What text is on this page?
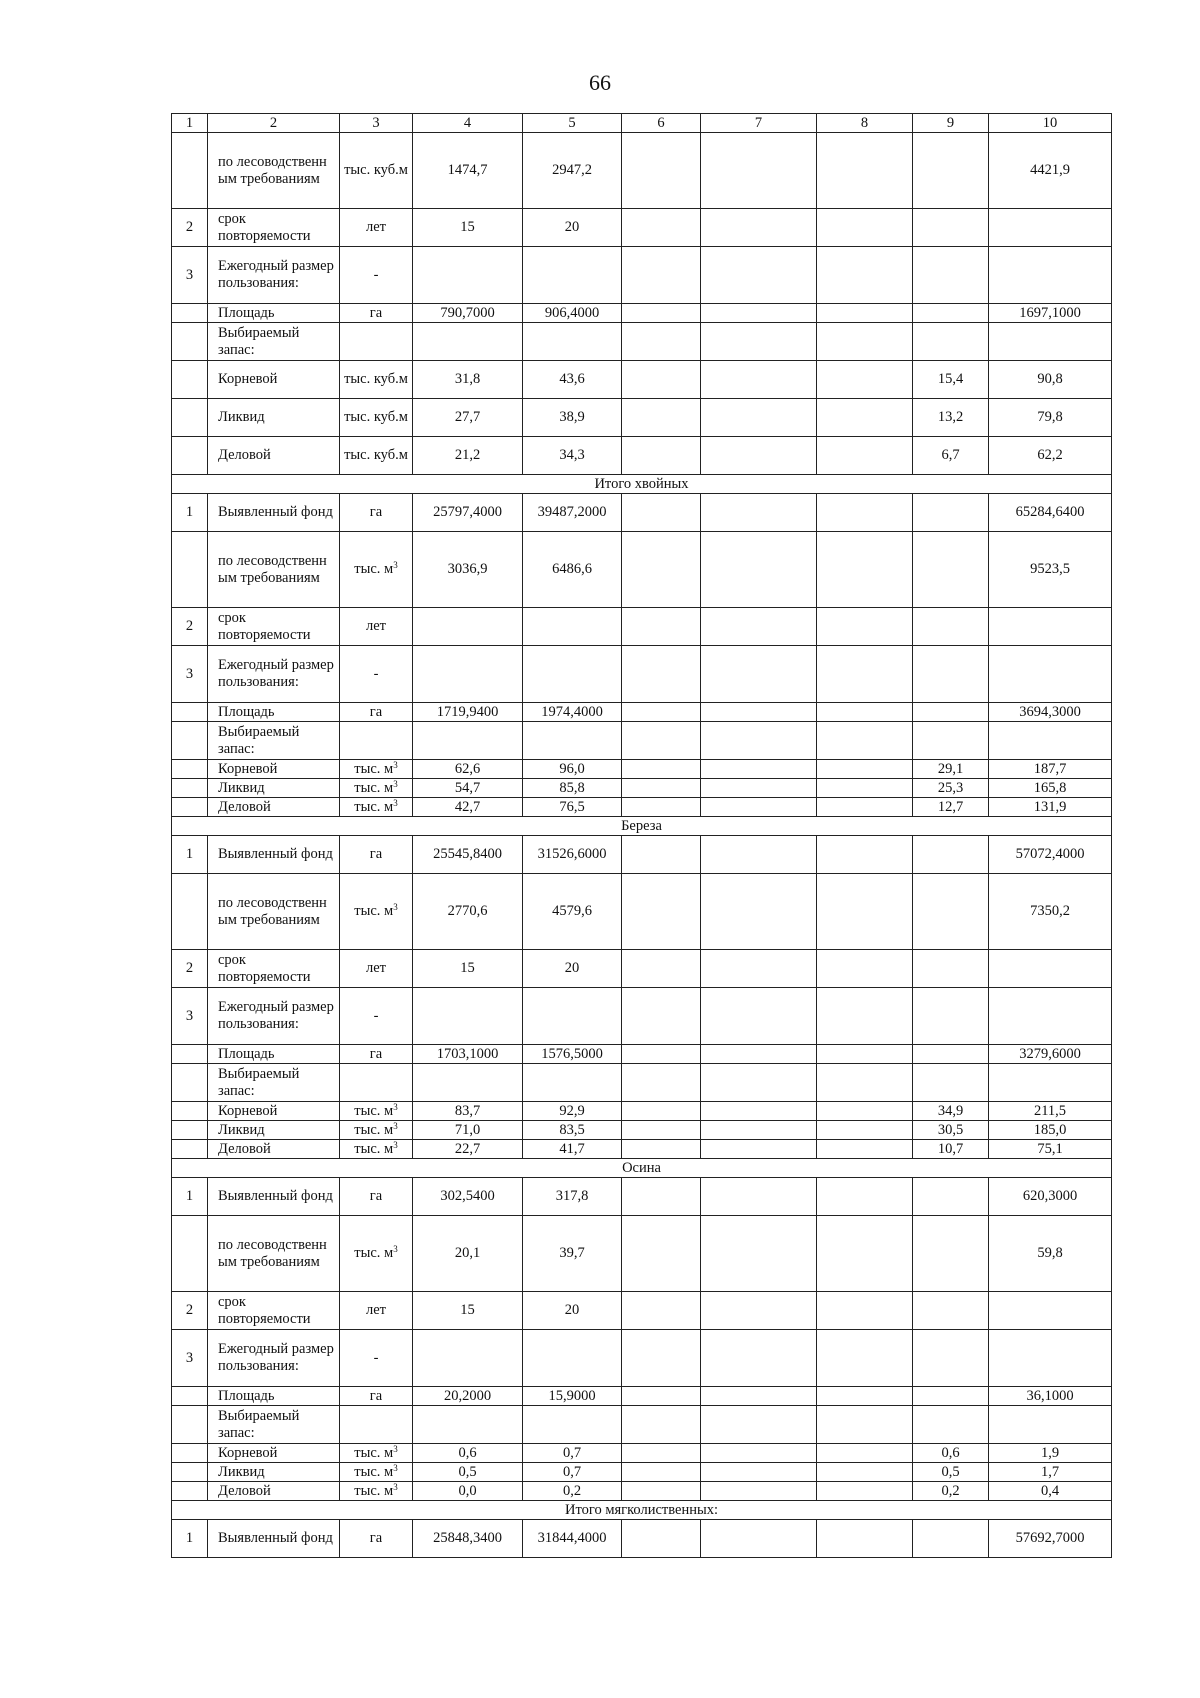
66
1	2	3	4	5	6	7	8	9	10
	по лесоводственн ым требованиям	тыс. куб.м	1474,7	2947,2					4421,9
2	срок повторяемости	лет	15	20					
3	Ежегодный размер пользования:	-							
	Площадь	га	790,7000	906,4000					1697,1000
	Выбираемый запас:								
	Корневой	тыс. куб.м	31,8	43,6				15,4	90,8
	Ликвид	тыс. куб.м	27,7	38,9				13,2	79,8
	Деловой	тыс. куб.м	21,2	34,3				6,7	62,2
Итого хвойных									
1	Выявленный фонд	га	25797,4000	39487,2000					65284,6400
	по лесоводственн ым требованиям	тыс. $м^3$	3036,9	6486,6					9523,5
2	срок повторяемости	лет							
3	Ежегодный размер пользования:	-							
	Площадь	га	1719,9400	1974,4000					3694,3000
	Выбираемый запас:								
	Корневой	тыс. $м^3$	62,6	96,0				29,1	187,7
	Ликвид	тыс. $м^3$	54,7	85,8				25,3	165,8
	Деловой	тыс. $м^3$	42,7	76,5				12,7	131,9
Береза									
1	Выявленный фонд	га	25545,8400	31526,6000					57072,4000
	по лесоводственн ым требованиям	тыс. $м^3$	2770,6	4579,6					7350,2
2	срок повторяемости	лет	15	20					
3	Ежегодный размер пользования:	-							
	Площадь	га	1703,1000	1576,5000					3279,6000
	Выбираемый запас:								
	Корневой	тыс. $м^3$	83,7	92,9				34,9	211,5
	Ликвид	тыс. $м^3$	71,0	83,5				30,5	185,0
	Деловой	тыс. $м^3$	22,7	41,7				10,7	75,1
Осина									
1	Выявленный фонд	га	302,5400	317,8					620,3000
	по лесоводственн ым требованиям	тыс. $м^3$	20,1	39,7					59,8
2	срок повторяемости	лет	15	20					
3	Ежегодный размер пользования:	-							
	Площадь	га	20,2000	15,9000					36,1000
	Выбираемый запас:								
	Корневой	тыс. $м^3$	0,6	0,7				0,6	1,9
	Ликвид	тыс. $м^3$	0,5	0,7				0,5	1,7
	Деловой	тыс. $м^3$	0,0	0,2				0,2	0,4
Итого мягколиственных:									
1	Выявленный фонд	га	25848,3400	31844,4000					57692,7000
